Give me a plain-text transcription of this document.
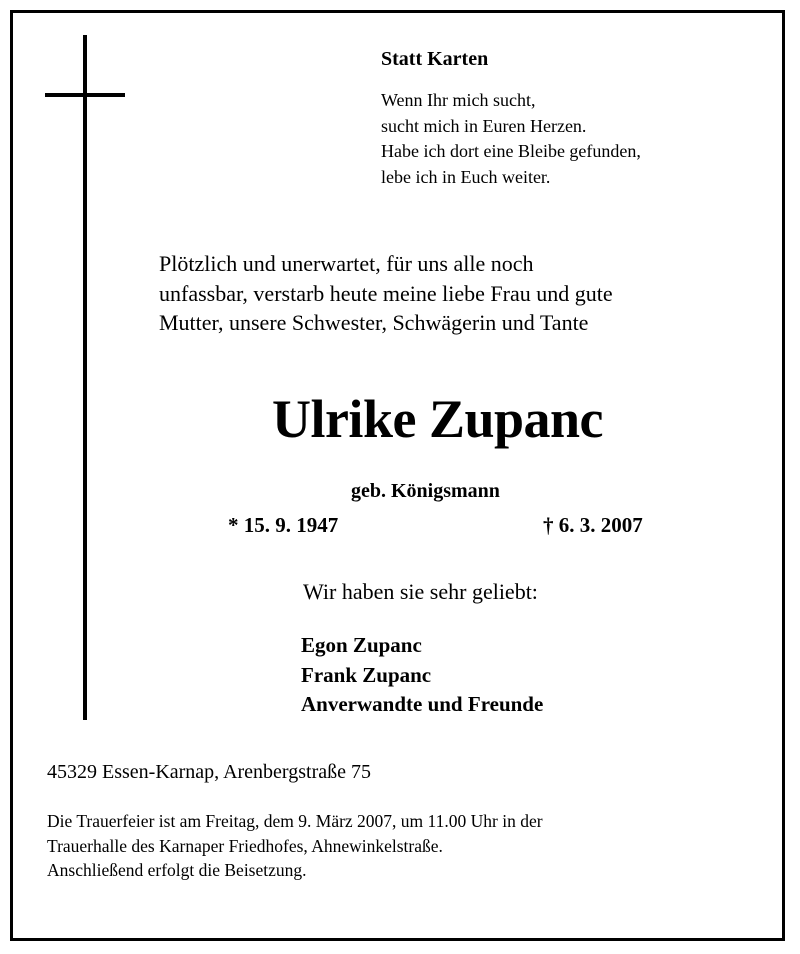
Statt Karten
Wenn Ihr mich sucht,
sucht mich in Euren Herzen.
Habe ich dort eine Bleibe gefunden,
lebe ich in Euch weiter.
Plötzlich und unerwartet, für uns alle noch
unfassbar, verstarb heute meine liebe Frau und gute
Mutter, unsere Schwester, Schwägerin und Tante
Ulrike Zupanc
geb. Königsmann
* 15. 9. 1947	† 6. 3. 2007
Wir haben sie sehr geliebt:
Egon Zupanc
Frank Zupanc
Anverwandte und Freunde
45329 Essen-Karnap, Arenbergstraße 75
Die Trauerfeier ist am Freitag, dem 9. März 2007, um 11.00 Uhr in der
Trauerhalle des Karnaper Friedhofes, Ahnewinkelstraße.
Anschließend erfolgt die Beisetzung.
